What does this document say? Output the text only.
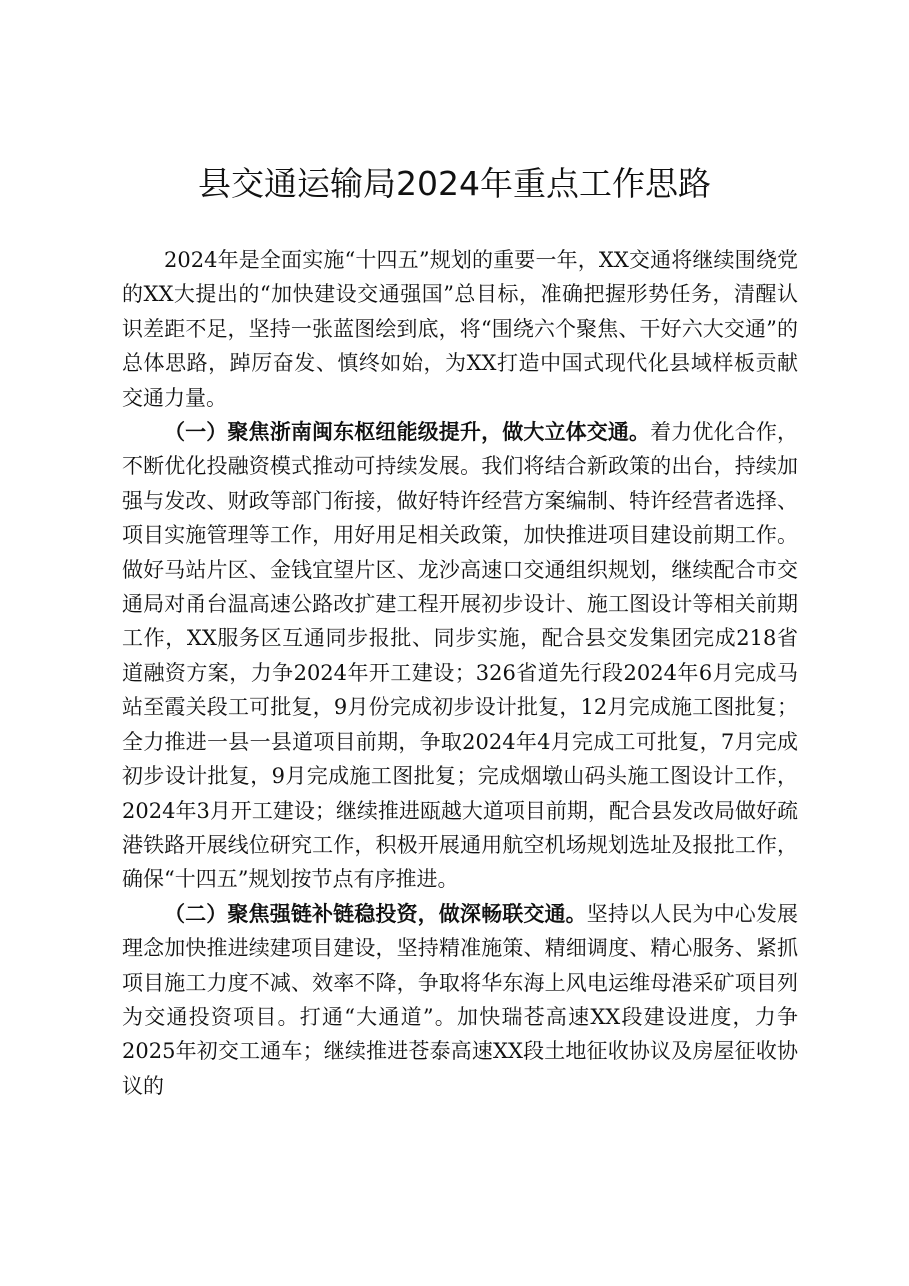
县交通运输局2024年重点工作思路

2024年是全面实施“十四五”规划的重要一年，XX交通将继续围绕党的XX大提出的“加快建设交通强国”总目标，准确把握形势任务，清醒认识差距不足，坚持一张蓝图绘到底，将“围绕六个聚焦、干好六大交通”的总体思路，踔厉奋发、慎终如始，为XX打造中国式现代化县域样板贡献交通力量。

（一）聚焦浙南闽东枢纽能级提升，做大立体交通。着力优化合作，不断优化投融资模式推动可持续发展。我们将结合新政策的出台，持续加强与发改、财政等部门衔接，做好特许经营方案编制、特许经营者选择、项目实施管理等工作，用好用足相关政策，加快推进项目建设前期工作。做好马站片区、金钱宜望片区、龙沙高速口交通组织规划，继续配合市交通局对甬台温高速公路改扩建工程开展初步设计、施工图设计等相关前期工作，XX服务区互通同步报批、同步实施，配合县交发集团完成218省道融资方案，力争2024年开工建设；326省道先行段2024年6月完成马站至霞关段工可批复，9月份完成初步设计批复，12月完成施工图批复；全力推进一县一县道项目前期，争取2024年4月完成工可批复，7月完成初步设计批复，9月完成施工图批复；完成烟墩山码头施工图设计工作，2024年3月开工建设；继续推进瓯越大道项目前期，配合县发改局做好疏港铁路开展线位研究工作，积极开展通用航空机场规划选址及报批工作，确保“十四五”规划按节点有序推进。

（二）聚焦强链补链稳投资，做深畅联交通。坚持以人民为中心发展理念加快推进续建项目建设，坚持精准施策、精细调度、精心服务、紧抓项目施工力度不减、效率不降，争取将华东海上风电运维母港采矿项目列为交通投资项目。打通“大通道”。加快瑞苍高速XX段建设进度，力争2025年初交工通车；继续推进苍泰高速XX段土地征收协议及房屋征收协议的
